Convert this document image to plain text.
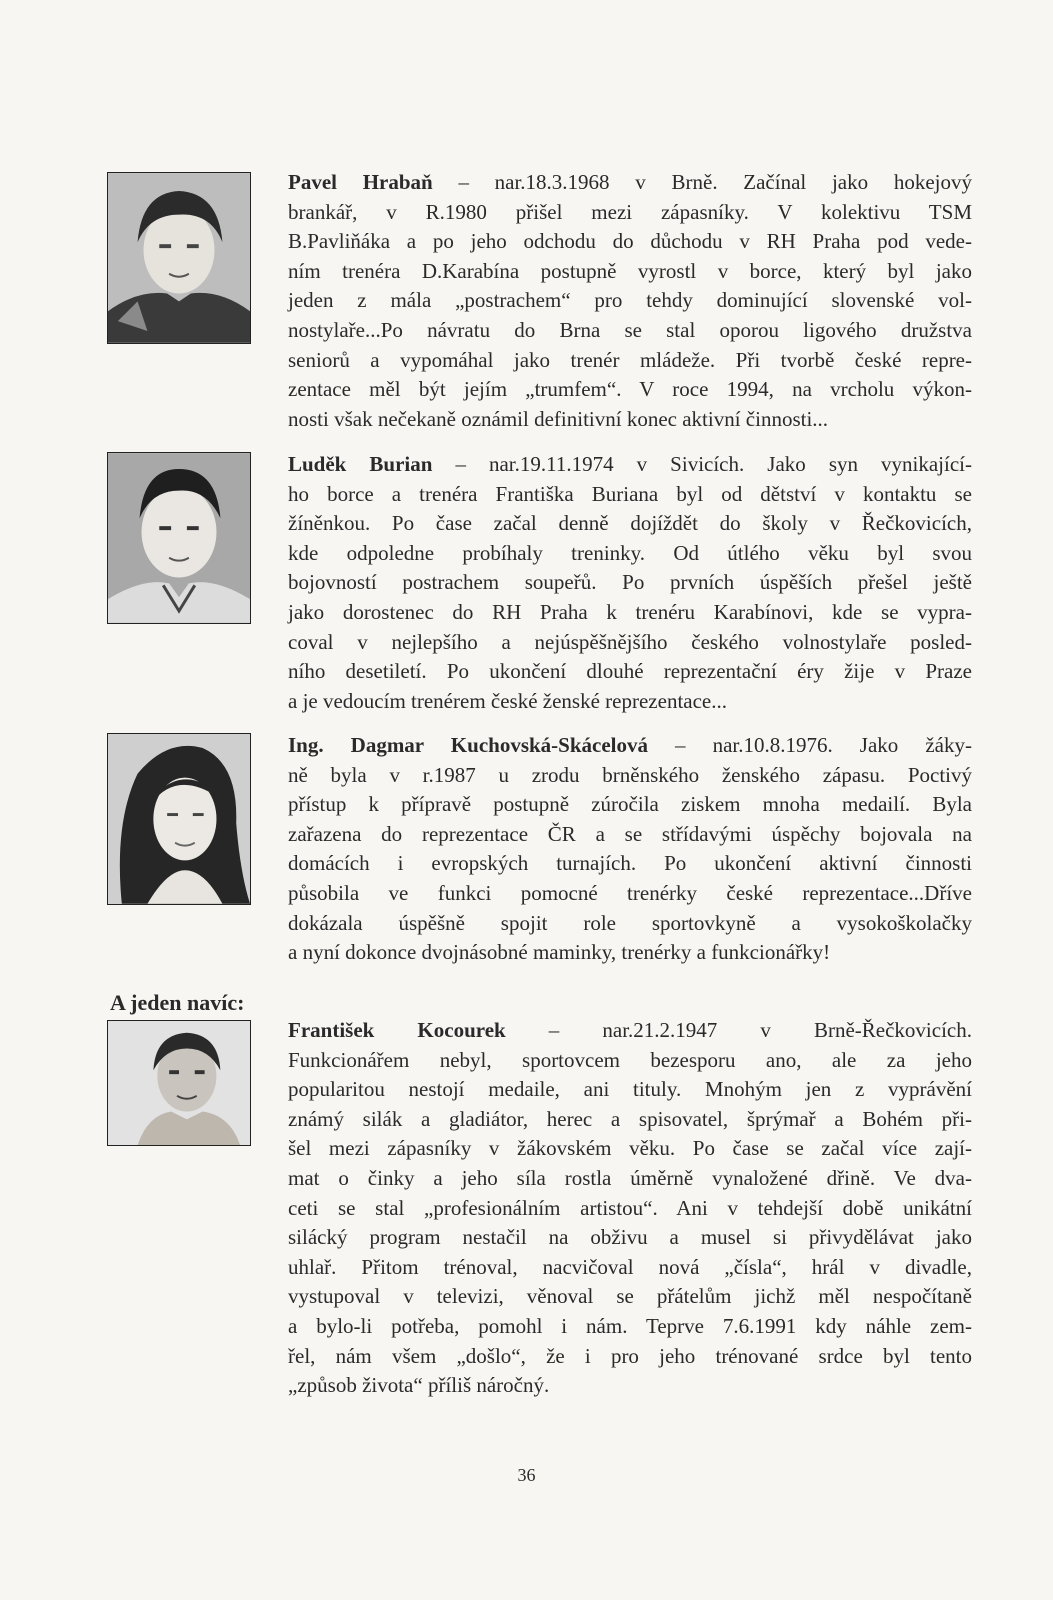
Pavel Hrabaň – nar.18.3.1968 v Brně. Začínal jako hokejový
brankář, v R.1980 přišel mezi zápasníky. V kolektivu TSM
B.Pavliňáka a po jeho odchodu do důchodu v RH Praha pod vede-
ním trenéra D.Karabína postupně vyrostl v borce, který byl jako
jeden z mála „postrachem“ pro tehdy dominující slovenské vol-
nostylaře...Po návratu do Brna se stal oporou ligového družstva
seniorů a vypomáhal jako trenér mládeže. Při tvorbě české repre-
zentace měl být jejím „trumfem“. V roce 1994, na vrcholu výkon-
nosti však nečekaně oznámil definitivní konec aktivní činnosti...

Luděk Burian – nar.19.11.1974 v Sivicích. Jako syn vynikající-
ho borce a trenéra Františka Buriana byl od dětství v kontaktu se
žíněnkou. Po čase začal denně dojíždět do školy v Řečkovicích,
kde odpoledne probíhaly treninky. Od útlého věku byl svou
bojovností postrachem soupeřů. Po prvních úspěších přešel ještě
jako dorostenec do RH Praha k trenéru Karabínovi, kde se vypra-
coval v nejlepšího a nejúspěšnějšího českého volnostylaře posled-
ního desetiletí. Po ukončení dlouhé reprezentační éry žije v Praze
a je vedoucím trenérem české ženské reprezentace...

Ing. Dagmar Kuchovská-Skácelová – nar.10.8.1976. Jako žáky-
ně byla v r.1987 u zrodu brněnského ženského zápasu. Poctivý
přístup k přípravě postupně zúročila ziskem mnoha medailí. Byla
zařazena do reprezentace ČR a se střídavými úspěchy bojovala na
domácích i evropských turnajích. Po ukončení aktivní činnosti
působila ve funkci pomocné trenérky české reprezentace...Dříve
dokázala úspěšně spojit role sportovkyně a vysokoškolačky
a nyní dokonce dvojnásobné maminky, trenérky a funkcionářky!

A jeden navíc:

František Kocourek – nar.21.2.1947 v Brně-Řečkovicích.
Funkcionářem nebyl, sportovcem bezesporu ano, ale za jeho
popularitou nestojí medaile, ani tituly. Mnohým jen z vyprávění
známý silák a gladiátor, herec a spisovatel, šprýmař a Bohém při-
šel mezi zápasníky v žákovském věku. Po čase se začal více zají-
mat o činky a jeho síla rostla úměrně vynaložené dřině. Ve dva-
ceti se stal „profesionálním artistou“. Ani v tehdejší době unikátní
silácký program nestačil na obživu a musel si přivydělávat jako
uhlař. Přitom trénoval, nacvičoval nová „čísla“, hrál v divadle,
vystupoval v televizi, věnoval se přátelům jichž měl nespočítaně
a bylo-li potřeba, pomohl i nám. Teprve 7.6.1991 kdy náhle zem-
řel, nám všem „došlo“, že i pro jeho trénované srdce byl tento
„způsob života“ příliš náročný.

36
